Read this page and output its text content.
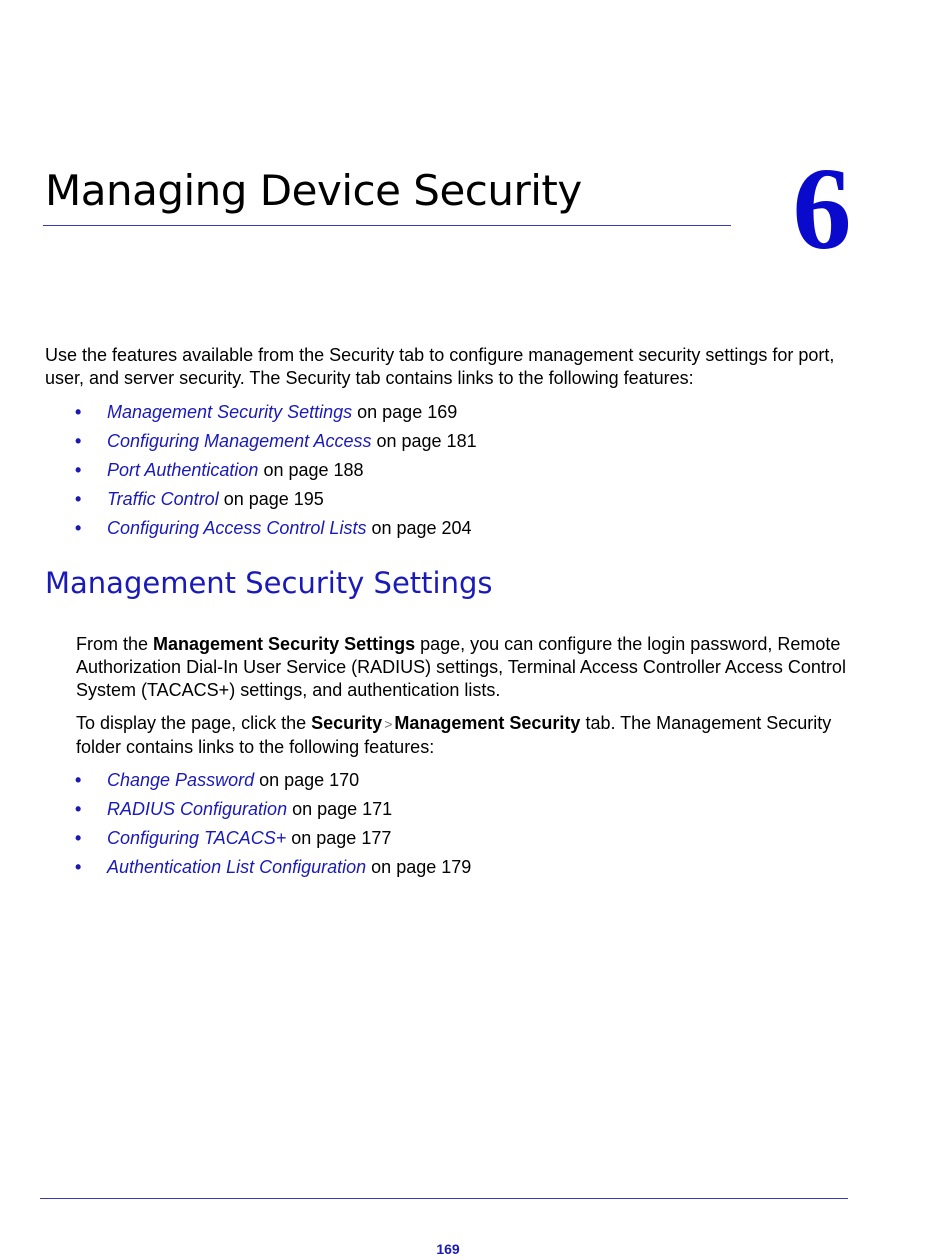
Managing Device Security 6

Use the features available from the Security tab to configure management security settings for port, user, and server security. The Security tab contains links to the following features:

• Management Security Settings on page 169
• Configuring Management Access on page 181
• Port Authentication on page 188
• Traffic Control on page 195
• Configuring Access Control Lists on page 204
Management Security Settings

From the Management Security Settings page, you can configure the login password, Remote Authorization Dial-In User Service (RADIUS) settings, Terminal Access Controller Access Control System (TACACS+) settings, and authentication lists.

To display the page, click the Security > Management Security tab. The Management Security folder contains links to the following features:

• Change Password on page 170
• RADIUS Configuration on page 171
• Configuring TACACS+ on page 177
• Authentication List Configuration on page 179
169
